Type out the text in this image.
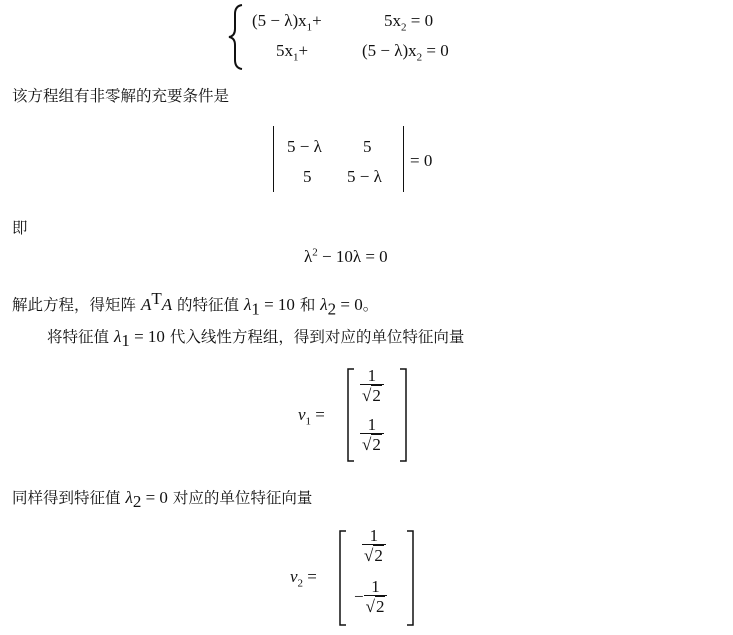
$(5 - \lambda)x_1+$	$5x_2 = 0$
$5x_1+$	$(5 - \lambda)x_2 = 0$
该方程组有非零解的充要条件是
5 − λ 5
5 5 − λ
= 0
即
$\lambda^2 - 10\lambda = 0$
解此方程，得矩阵 $A^TA$ 的特征值 $\lambda_1 = 10$ 和 $\lambda_2 = 0$。
将特征值 $\lambda_1 = 10$ 代入线性方程组，得到对应的单位特征向量
$v_1$ =
$\frac{1}{√2}$
$\frac{1}{√2}$
同样得到特征值 $\lambda_2 = 0$ 对应的单位特征向量
$v_2$ =
$\frac{1}{√2}$
− $\frac{1}{√2}$
